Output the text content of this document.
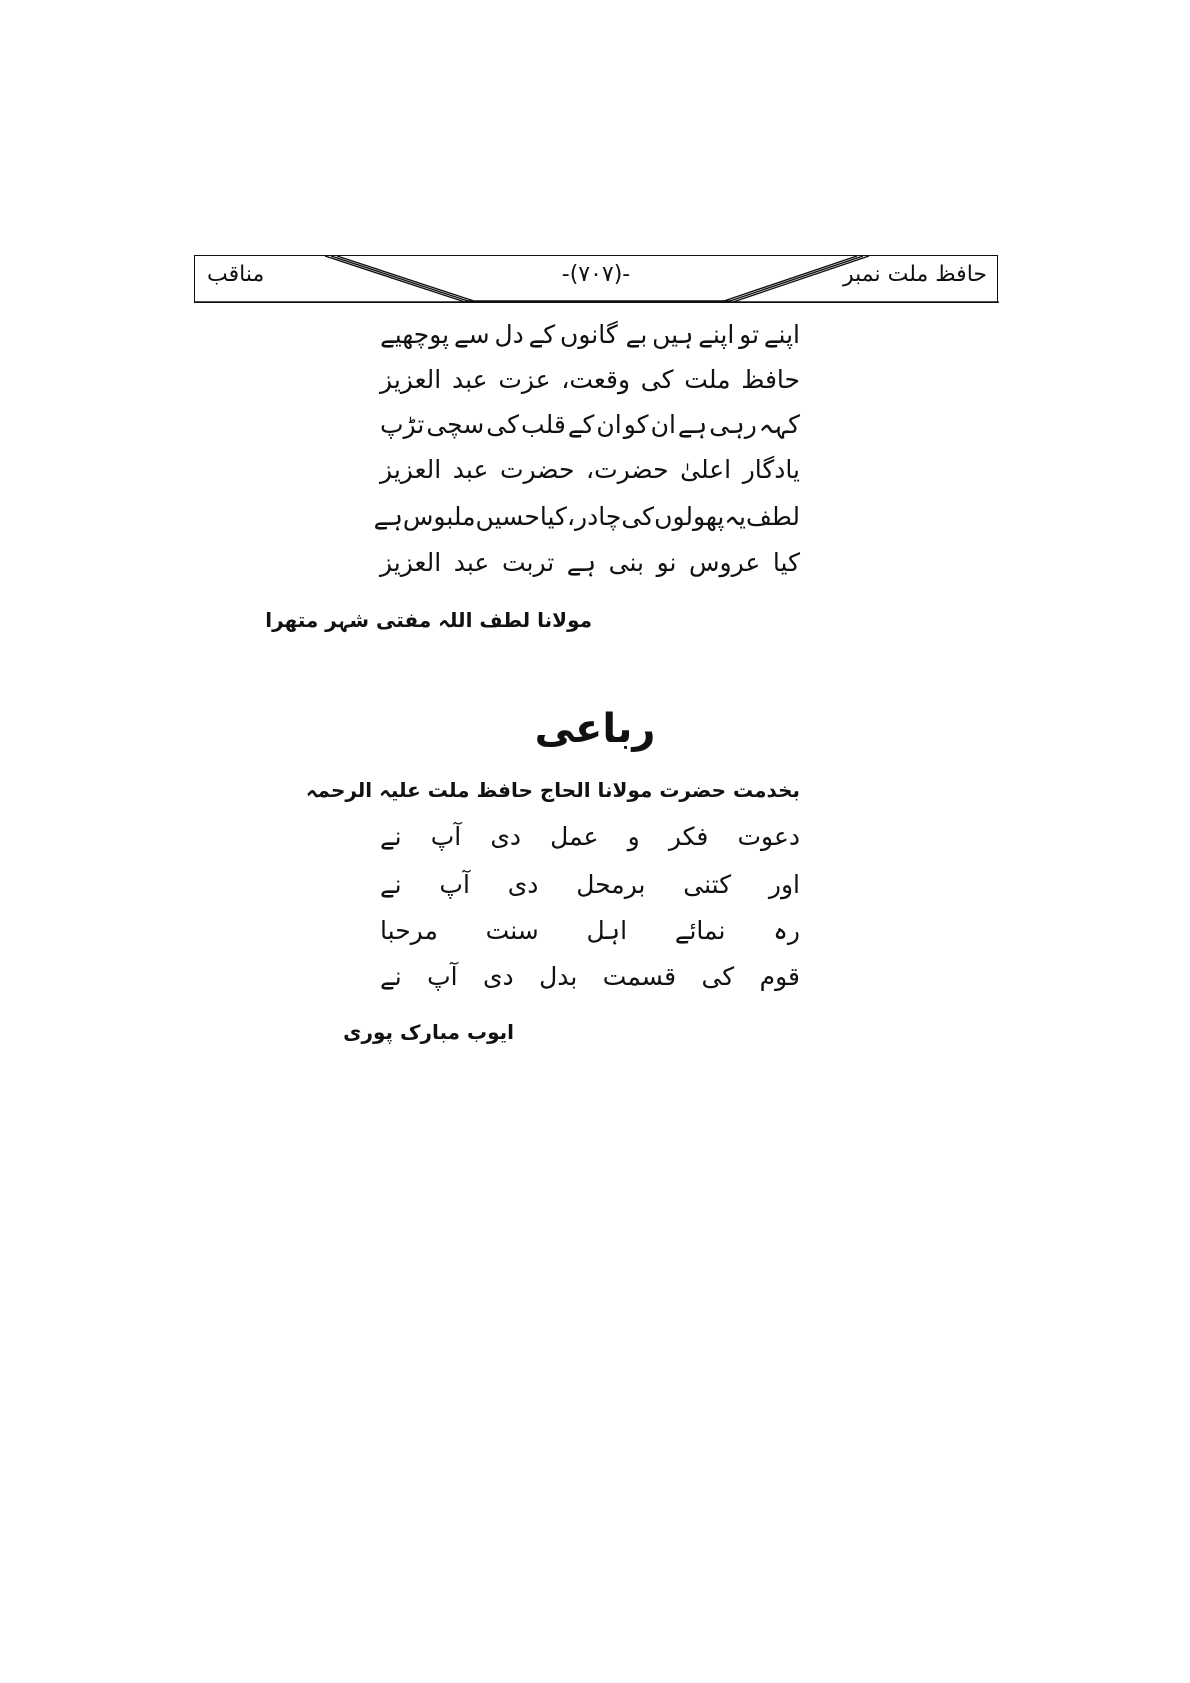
حافظ ملت نمبر
-(۷۰۷)-
مناقب
اپنے
تو
اپنے
ہیں
بے گانوں
کے
دل
سے
پوچھیے
حافظ
ملت
کی
وقعت،
عزت
عبد
العزیز
کہہ
رہی
ہے
ان
کو
ان
کے
قلب
کی
سچی
تڑپ
یادگار
اعلیٰ
حضرت،
حضرت
عبد
العزیز
لطف
یہ
پھولوں
کی
چادر،
کیا
حسیں
ملبوس
ہے
کیا
عروس
نو
بنی
ہے
تربت
عبد
العزیز
مولانا لطف اللہ مفتی شہر متھرا
رباعی
بخدمت حضرت مولانا الحاج حافظ ملت علیہ الرحمہ
دعوت
فکر
و
عمل
دی
آپ
نے
اور
کتنی
برمحل
دی
آپ
نے
رہ
نمائے
اہل
سنت
مرحبا
قوم
کی
قسمت
بدل
دی
آپ
نے
ایوب مبارک پوری
